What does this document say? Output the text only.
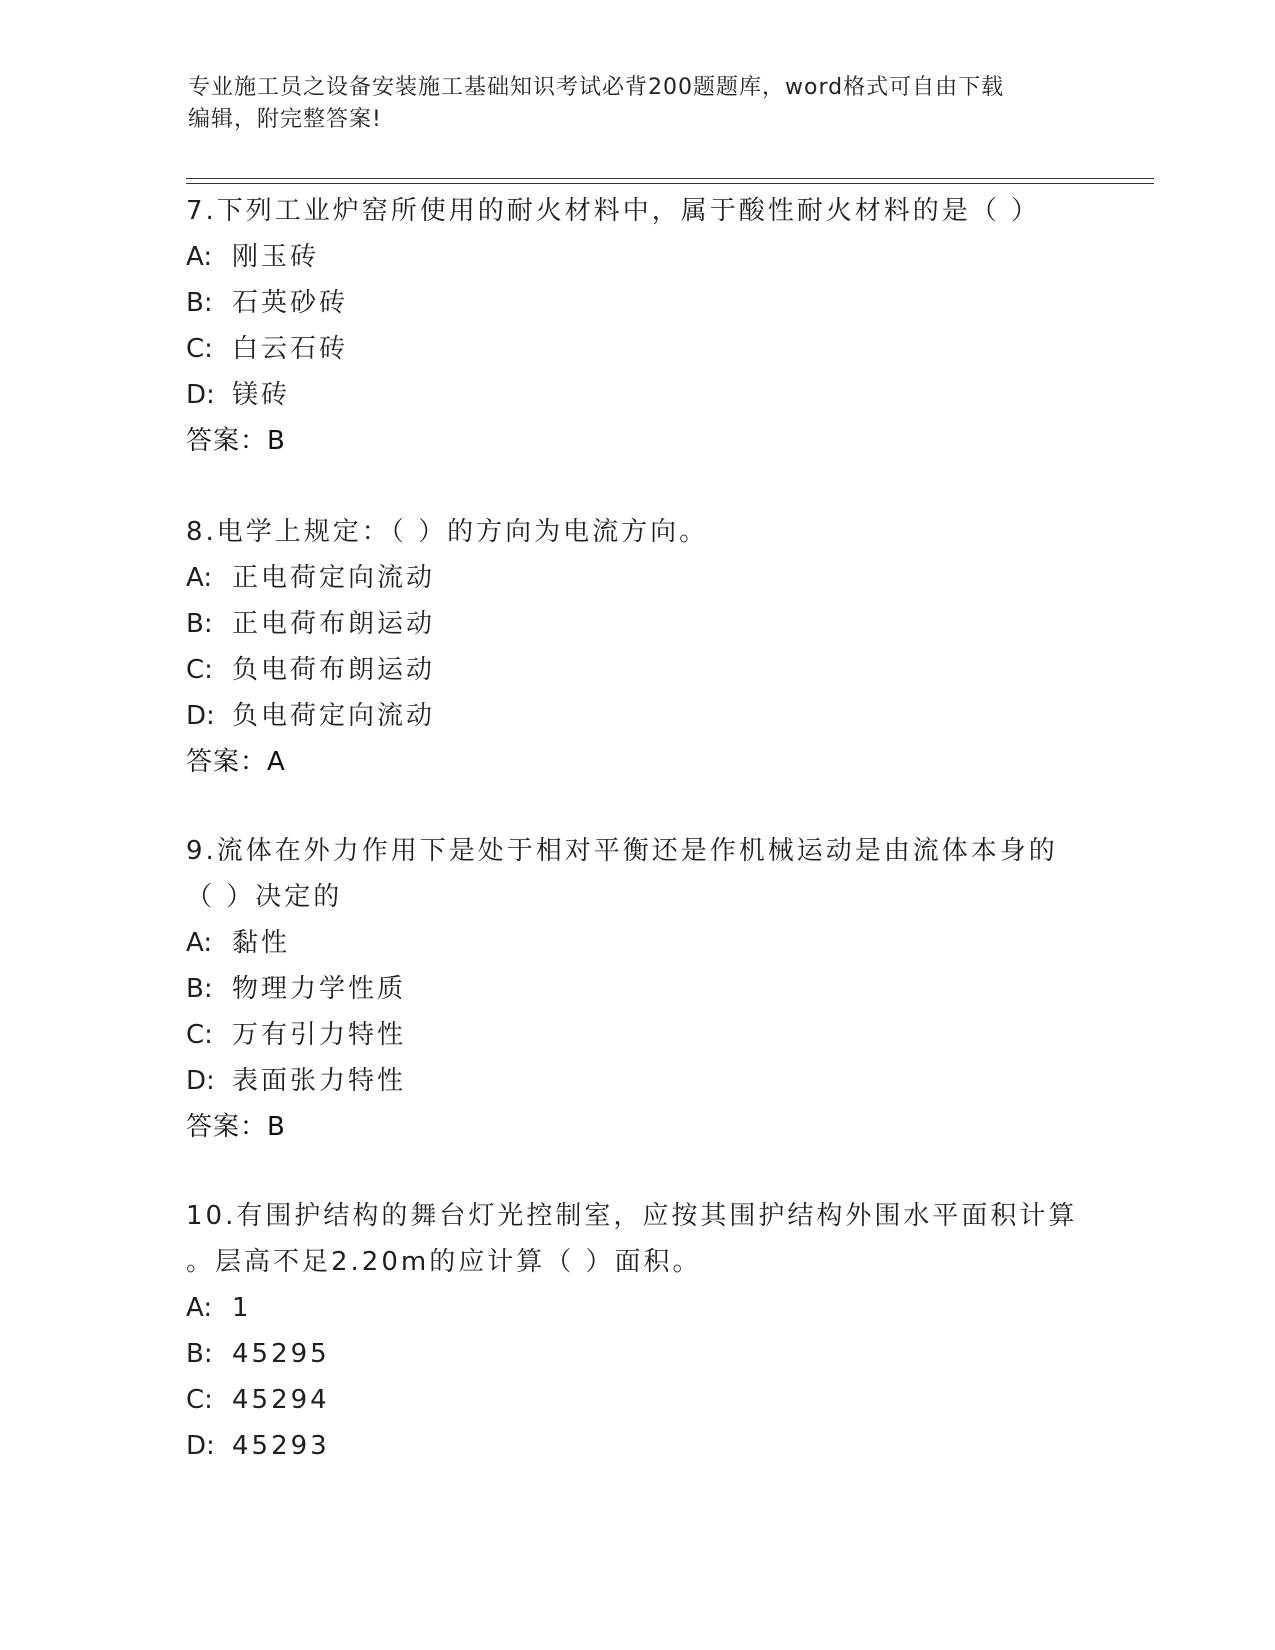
专业施工员之设备安装施工基础知识考试必背200题题库，word格式可自由下载
编辑，附完整答案!
7.下列工业炉窑所使用的耐火材料中，属于酸性耐火材料的是（ ）
A: 刚玉砖
B: 石英砂砖
C: 白云石砖
D: 镁砖
答案：B
8.电学上规定：（ ）的方向为电流方向。
A: 正电荷定向流动
B: 正电荷布朗运动
C: 负电荷布朗运动
D: 负电荷定向流动
答案：A
9.流体在外力作用下是处于相对平衡还是作机械运动是由流体本身的
（ ）决定的
A: 黏性
B: 物理力学性质
C: 万有引力特性
D: 表面张力特性
答案：B
10.有围护结构的舞台灯光控制室，应按其围护结构外围水平面积计算
。层高不足2.20m的应计算（ ）面积。
A: 1
B: 45295
C: 45294
D: 45293
